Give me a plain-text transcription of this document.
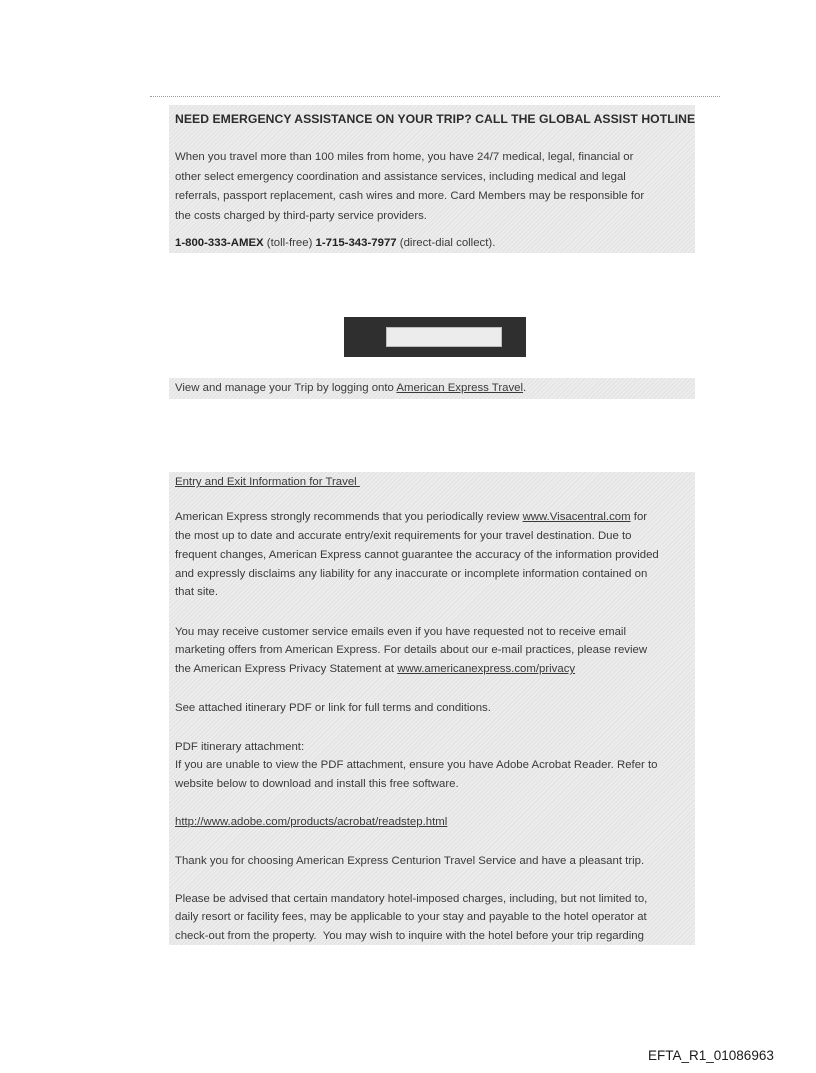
NEED EMERGENCY ASSISTANCE ON YOUR TRIP? CALL THE GLOBAL ASSIST HOTLINE
When you travel more than 100 miles from home, you have 24/7 medical, legal, financial or
other select emergency coordination and assistance services, including medical and legal
referrals, passport replacement, cash wires and more. Card Members may be responsible for
the costs charged by third-party service providers.
1-800-333-AMEX (toll-free) 1-715-343-7977 (direct-dial collect).
View and manage your Trip by logging onto American Express Travel.
Entry and Exit Information for Travel
American Express strongly recommends that you periodically review www.Visacentral.com for
the most up to date and accurate entry/exit requirements for your travel destination. Due to
frequent changes, American Express cannot guarantee the accuracy of the information provided
and expressly disclaims any liability for any inaccurate or incomplete information contained on
that site.
You may receive customer service emails even if you have requested not to receive email
marketing offers from American Express. For details about our e-mail practices, please review
the American Express Privacy Statement at www.americanexpress.com/privacy
See attached itinerary PDF or link for full terms and conditions.
PDF itinerary attachment:
If you are unable to view the PDF attachment, ensure you have Adobe Acrobat Reader. Refer to
website below to download and install this free software.
http://www.adobe.com/products/acrobat/readstep.html
Thank you for choosing American Express Centurion Travel Service and have a pleasant trip.
Please be advised that certain mandatory hotel-imposed charges, including, but not limited to,
daily resort or facility fees, may be applicable to your stay and payable to the hotel operator at
check-out from the property.  You may wish to inquire with the hotel before your trip regarding
EFTA_R1_01086963
